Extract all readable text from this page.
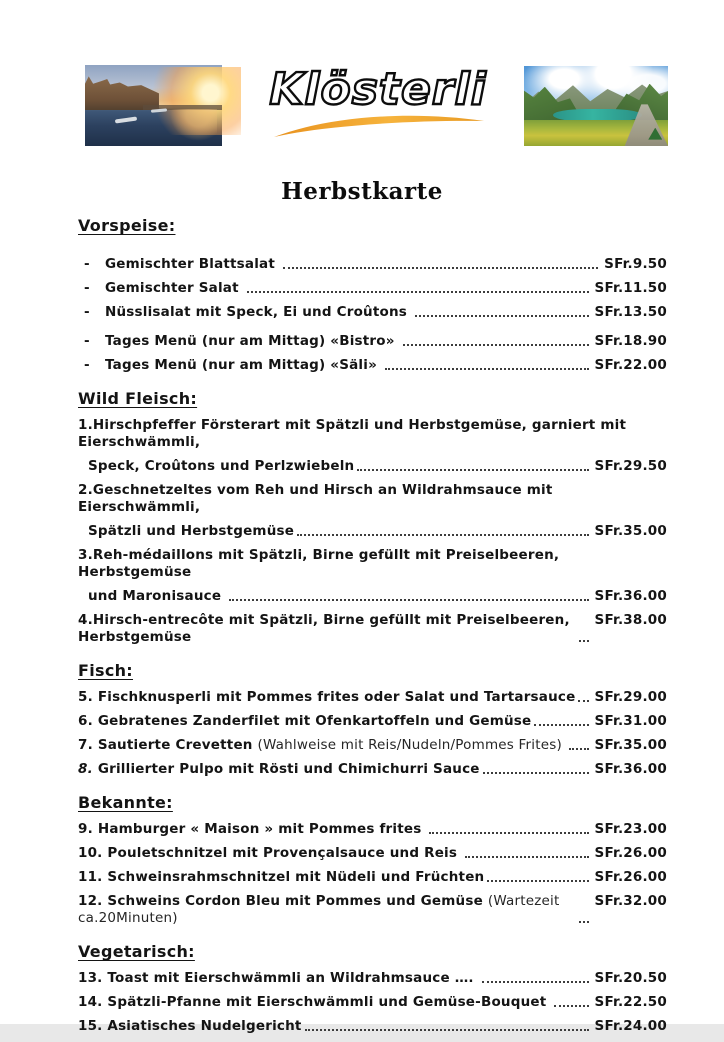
Klösterli
Herbstkarte
Vorspeise:
-	Gemischter Blattsalat	SFr.9.50
-	Gemischter Salat	SFr.11.50
-	Nüsslisalat mit Speck, Ei und Croûtons	SFr.13.50
-	Tages Menü (nur am Mittag) «Bistro»	SFr.18.90
-	Tages Menü (nur am Mittag) «Säli»	SFr.22.00
Wild Fleisch:
1.Hirschpfeffer Försterart mit Spätzli und Herbstgemüse, garniert mit Eierschwämmli,
Speck, Croûtons und Perlzwiebeln	SFr.29.50
2.Geschnetzeltes vom Reh und Hirsch an Wildrahmsauce mit Eierschwämmli,
Spätzli und Herbstgemüse	SFr.35.00
3.Reh-médaillons mit Spätzli, Birne gefüllt mit Preiselbeeren, Herbstgemüse
und Maronisauce	SFr.36.00
4.Hirsch-entrecôte mit Spätzli, Birne gefüllt mit Preiselbeeren, Herbstgemüse
SFr.38.00
Fisch:
5. Fischknusperli mit Pommes frites oder Salat und Tartarsauce SFr.29.00
6. Gebratenes Zanderfilet mit Ofenkartoffeln und Gemüse	SFr.31.00
7. Sautierte Crevetten (Wahlweise mit Reis/Nudeln/Pommes Frites) SFr.35.00
8. Grillierter Pulpo mit Rösti und Chimichurri Sauce	SFr.36.00
Bekannte:
9. Hamburger « Maison » mit Pommes frites	SFr.23.00
10. Pouletschnitzel mit Provençalsauce und Reis	SFr.26.00
11. Schweinsrahmschnitzel mit Nüdeli und Früchten	SFr.26.00
12. Schweins Cordon Bleu mit Pommes und Gemüse (Wartezeit ca.20Minuten)
SFr.32.00
Vegetarisch:
13. Toast mit Eierschwämmli an Wildrahmsauce ….	SFr.20.50
14. Spätzli-Pfanne mit Eierschwämmli und Gemüse-Bouquet	SFr.22.50
15. Asiatisches Nudelgericht	SFr.24.00
